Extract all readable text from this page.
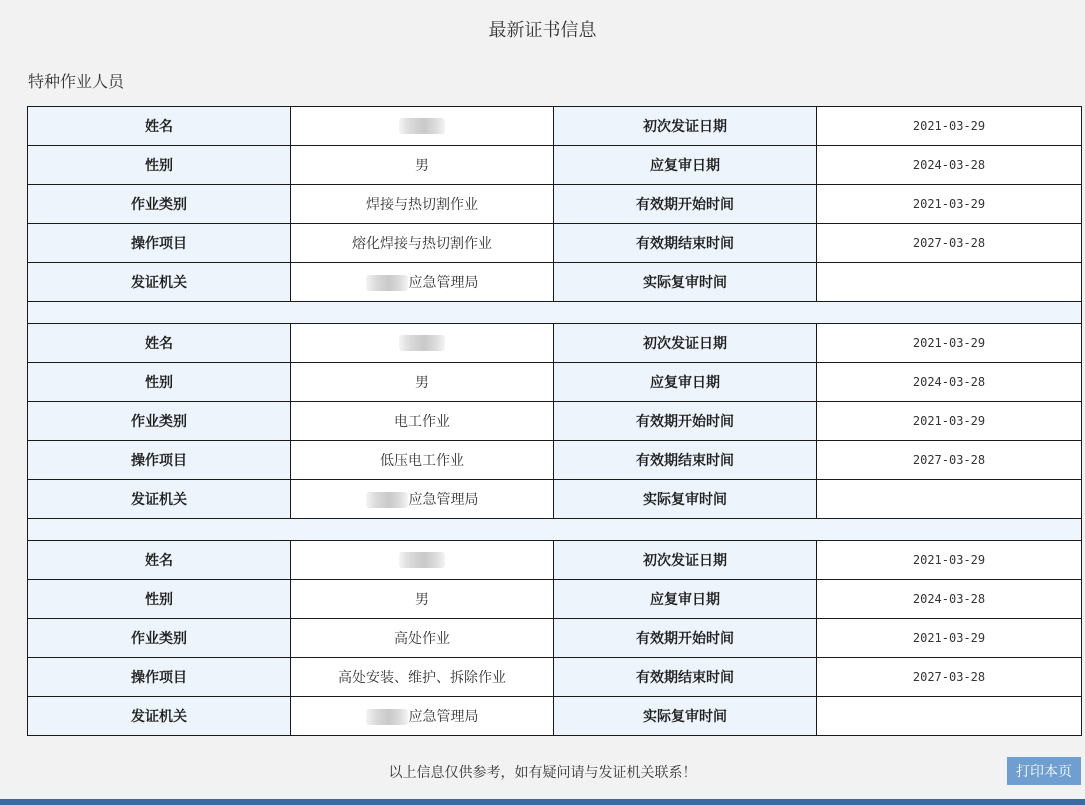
最新证书信息
特种作业人员
姓名		初次发证日期	2021-03-29
性别	男	应复审日期	2024-03-28
作业类别	焊接与热切割作业	有效期开始时间	2021-03-29
操作项目	熔化焊接与热切割作业	有效期结束时间	2027-03-28
发证机关	应急管理局	实际复审时间	

姓名		初次发证日期	2021-03-29
性别	男	应复审日期	2024-03-28
作业类别	电工作业	有效期开始时间	2021-03-29
操作项目	低压电工作业	有效期结束时间	2027-03-28
发证机关	应急管理局	实际复审时间	

姓名		初次发证日期	2021-03-29
性别	男	应复审日期	2024-03-28
作业类别	高处作业	有效期开始时间	2021-03-29
操作项目	高处安装、维护、拆除作业	有效期结束时间	2027-03-28
发证机关	应急管理局	实际复审时间	
以上信息仅供参考，如有疑问请与发证机关联系！	打印本页
